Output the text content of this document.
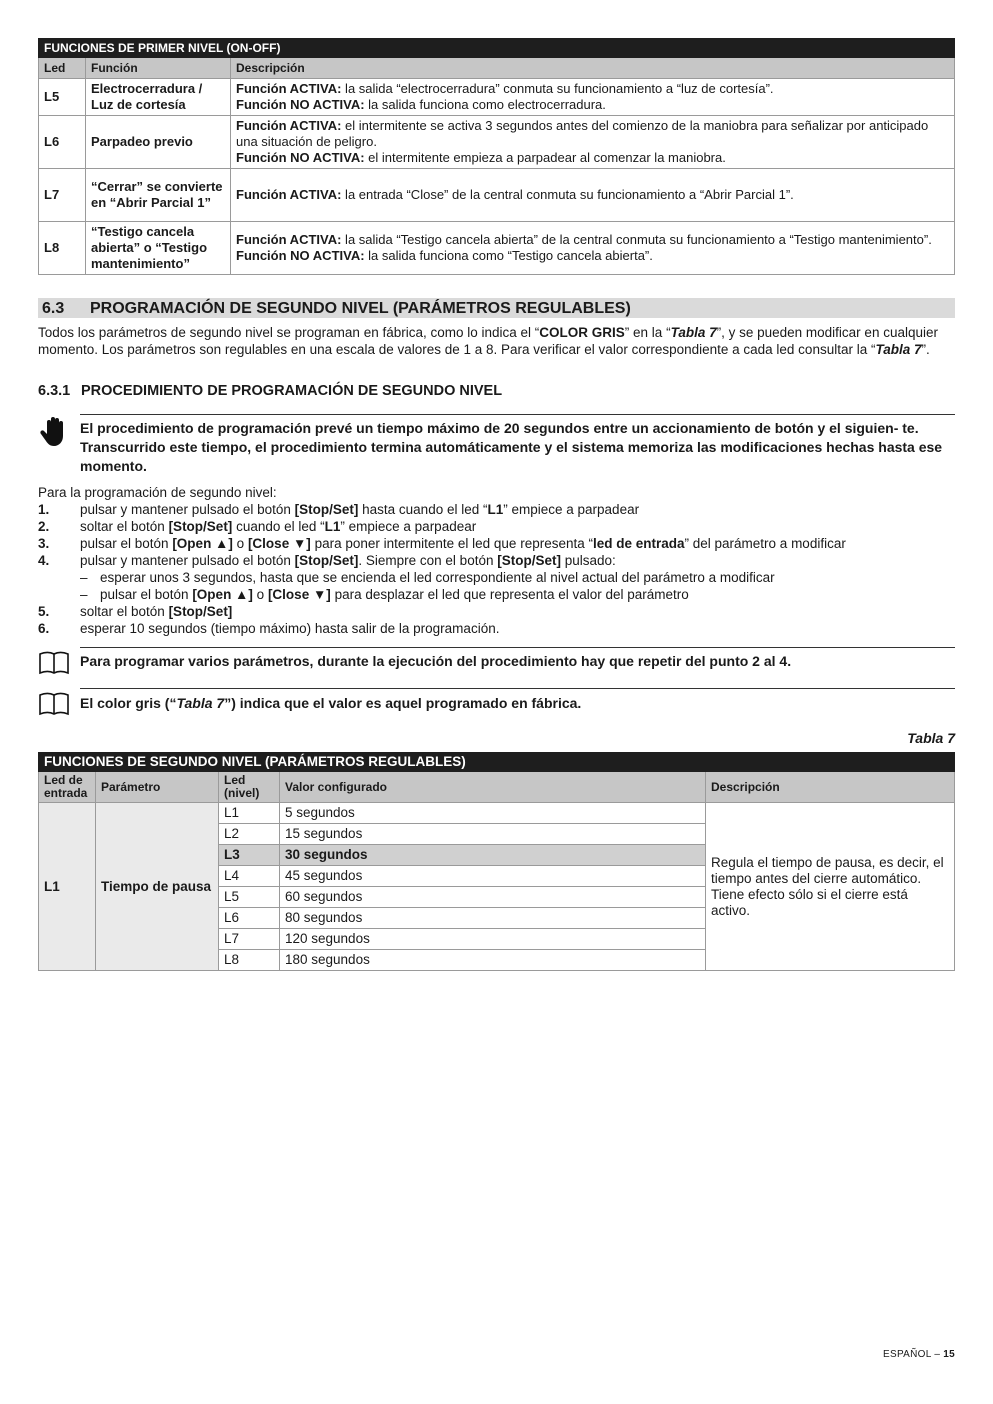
FUNCIONES DE PRIMER NIVEL (ON-OFF)		
Led	Función	Descripción
L5	Electrocerradura / Luz de cortesía	Función ACTIVA: la salida “electrocerradura” conmuta su funcionamiento a “luz de cortesía”.
Función NO ACTIVA: la salida funciona como electrocerradura.

L6	Parpadeo previo	Función ACTIVA: el intermitente se activa 3 segundos antes del comienzo de la maniobra para señalizar por anticipado una situación de peligro.
Función NO ACTIVA: el intermitente empieza a parpadear al comenzar la maniobra.

L7	“Cerrar” se convierte en “Abrir Parcial 1”	Función ACTIVA: la entrada “Close” de la central conmuta su funcionamiento a “Abrir Parcial 1”.

L8	“Testigo cancela abierta” o “Testigo mantenimiento”	Función ACTIVA: la salida “Testigo cancela abierta” de la central conmuta su funcionamiento a “Testigo mantenimiento”.
Función NO ACTIVA: la salida funciona como “Testigo cancela abierta”.
6.3 PROGRAMACIÓN DE SEGUNDO NIVEL (PARÁMETROS REGULABLES)
Todos los parámetros de segundo nivel se programan en fábrica, como lo indica el “COLOR GRIS” en la “Tabla 7”, y se pueden modificar en cualquier
momento. Los parámetros son regulables en una escala de valores de 1 a 8. Para verificar el valor correspondiente a cada led consultar la “Tabla 7”.
6.3.1 PROCEDIMIENTO DE PROGRAMACIÓN DE SEGUNDO NIVEL
El procedimiento de programación prevé un tiempo máximo de 20 segundos entre un accionamiento de botón y el siguien- te. Transcurrido este tiempo, el procedimiento termina automáticamente y el sistema memoriza las modificaciones hechas hasta ese momento.
Para la programación de segundo nivel:
1. pulsar y mantener pulsado el botón [Stop/Set] hasta cuando el led “L1” empiece a parpadear
2. soltar el botón [Stop/Set] cuando el led “L1” empiece a parpadear
3. pulsar el botón [Open ▲] o [Close ▼] para poner intermitente el led que representa “led de entrada” del parámetro a modificar
4. pulsar y mantener pulsado el botón [Stop/Set]. Siempre con el botón [Stop/Set] pulsado:
– esperar unos 3 segundos, hasta que se encienda el led correspondiente al nivel actual del parámetro a modificar
– pulsar el botón [Open ▲] o [Close ▼] para desplazar el led que representa el valor del parámetro
5. soltar el botón [Stop/Set]
6. esperar 10 segundos (tiempo máximo) hasta salir de la programación.
Para programar varios parámetros, durante la ejecución del procedimiento hay que repetir del punto 2 al 4.
El color gris (“Tabla 7”) indica que el valor es aquel programado en fábrica.
Tabla 7
FUNCIONES DE SEGUNDO NIVEL (PARÁMETROS REGULABLES)				
Led de entrada	Parámetro	Led (nivel)	Valor configurado	Descripción
L1	Tiempo de pausa	L1	5 segundos	Regula el tiempo de pausa, es decir, el tiempo antes del cierre automático. Tiene efecto sólo si el cierre está activo.
		L2	15 segundos	
		L3	30 segundos	
		L4	45 segundos	
		L5	60 segundos	
		L6	80 segundos	
		L7	120 segundos	
		L8	180 segundos	
ESPAÑOL – 15
